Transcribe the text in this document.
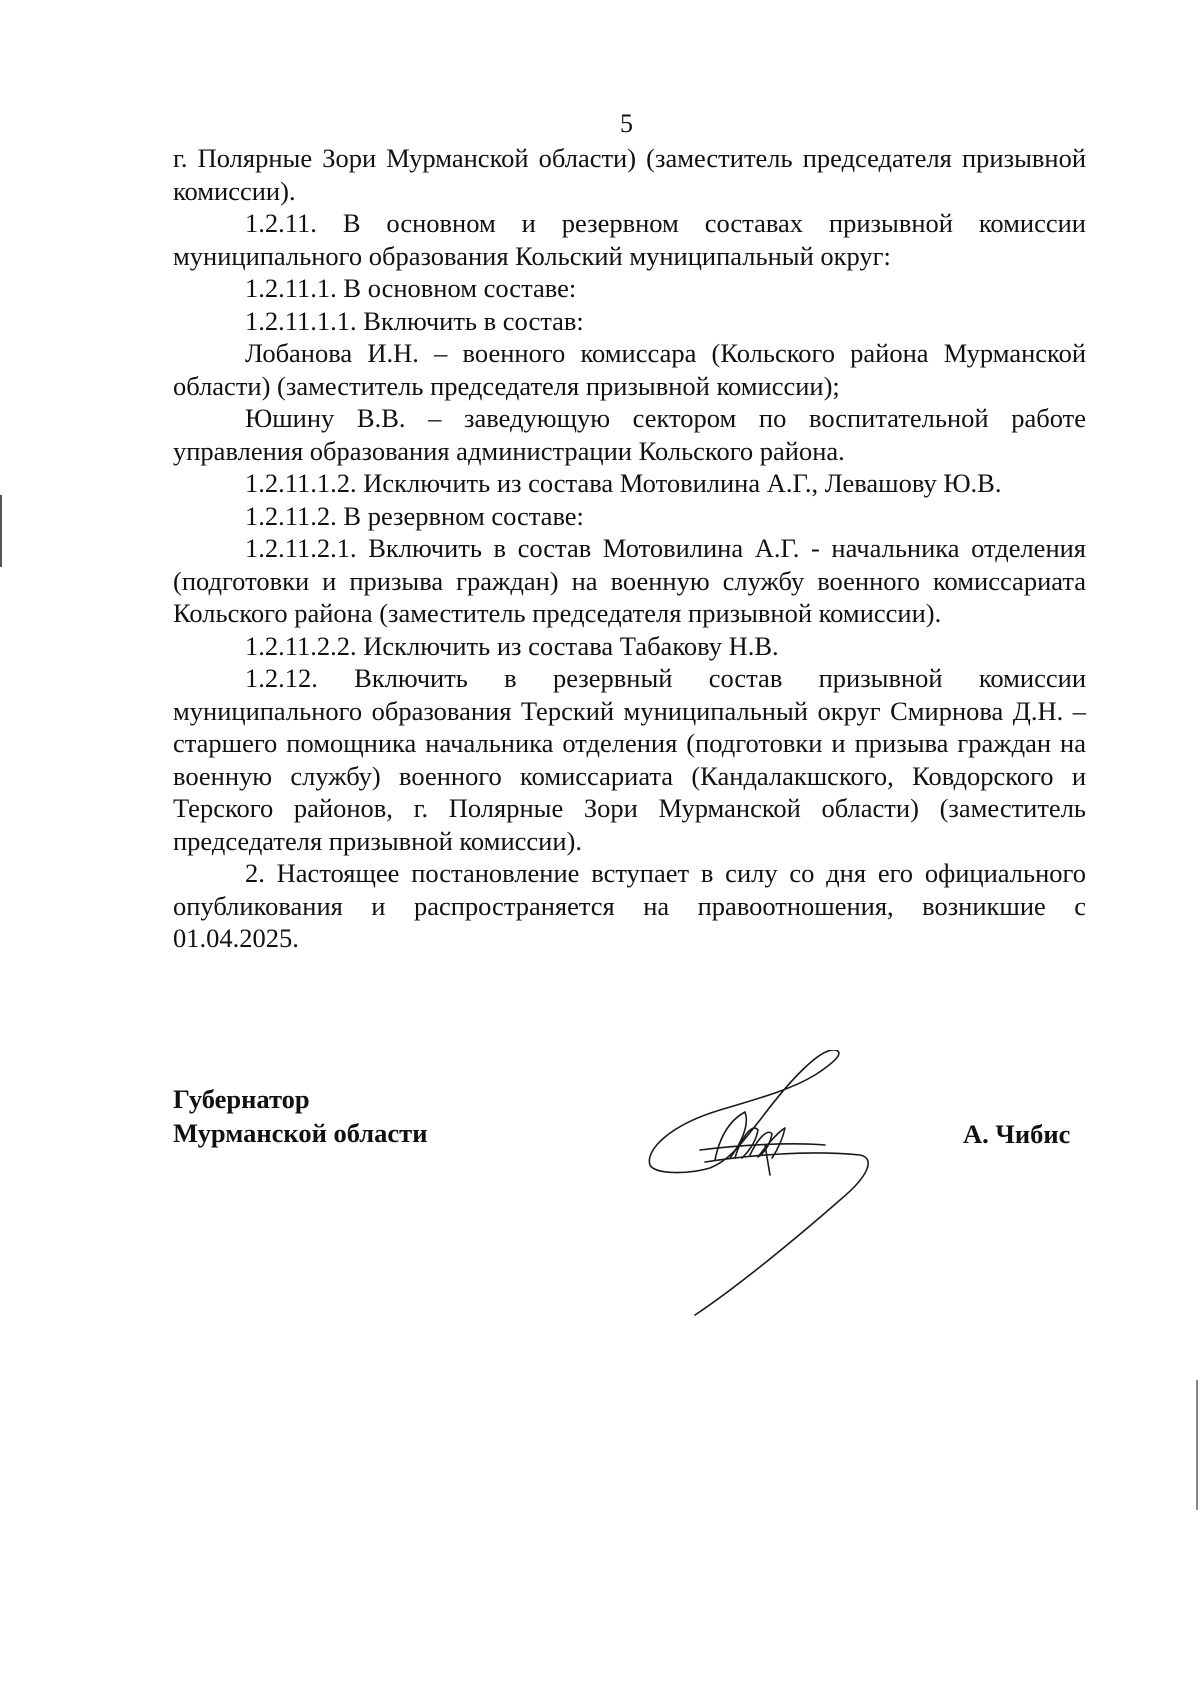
5

г. Полярные Зори Мурманской области) (заместитель председателя призывной комиссии).

1.2.11. В основном и резервном составах призывной комиссии муниципального образования Кольский муниципальный округ:

1.2.11.1. В основном составе:

1.2.11.1.1. Включить в состав:

Лобанова И.Н. – военного комиссара (Кольского района Мурманской области) (заместитель председателя призывной комиссии);

Юшину В.В. – заведующую сектором по воспитательной работе управления образования администрации Кольского района.

1.2.11.1.2. Исключить из состава Мотовилина А.Г., Левашову Ю.В.

1.2.11.2. В резервном составе:

1.2.11.2.1. Включить в состав Мотовилина А.Г. - начальника отделения (подготовки и призыва граждан) на военную службу военного комиссариата Кольского района (заместитель председателя призывной комиссии).

1.2.11.2.2. Исключить из состава Табакову Н.В.

1.2.12. Включить в резервный состав призывной комиссии муниципального образования Терский муниципальный округ Смирнова Д.Н. – старшего помощника начальника отделения (подготовки и призыва граждан на военную службу) военного комиссариата (Кандалакшского, Ковдорского и Терского районов, г. Полярные Зори Мурманской области) (заместитель председателя призывной комиссии).

2. Настоящее постановление вступает в силу со дня его официального опубликования и распространяется на правоотношения, возникшие с 01.04.2025.

Губернатор
Мурманской области	А. Чибис
